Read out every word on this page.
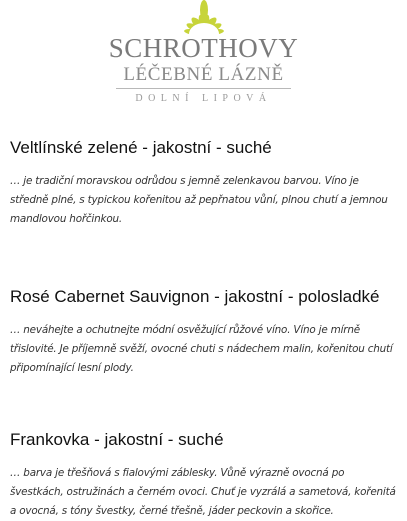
SCHROTHOVY
LÉČEBNÉ LÁZNĚ
DOLNÍ LIPOVÁ
Veltlínské zelené - jakostní - suché

… je tradiční moravskou odrůdou s jemně zelenkavou barvou. Víno je středně plné, s typickou kořenitou až pepřnatou vůní, plnou chutí a jemnou mandlovou hořčinkou.

Rosé Cabernet Sauvignon - jakostní - polosladké

… neváhejte a ochutnejte módní osvěžující růžové víno. Víno je mírně třislovité. Je příjemně svěží, ovocné chuti s nádechem malin, kořenitou chutí připomínající lesní plody.

Frankovka - jakostní - suché

… barva je třešňová s fialovými záblesky. Vůně výrazně ovocná po švestkách, ostružinách a černém ovoci. Chuť je vyzrálá a sametová, kořenitá a ovocná, s tóny švestky, černé třešně, jáder peckovin a skořice.
